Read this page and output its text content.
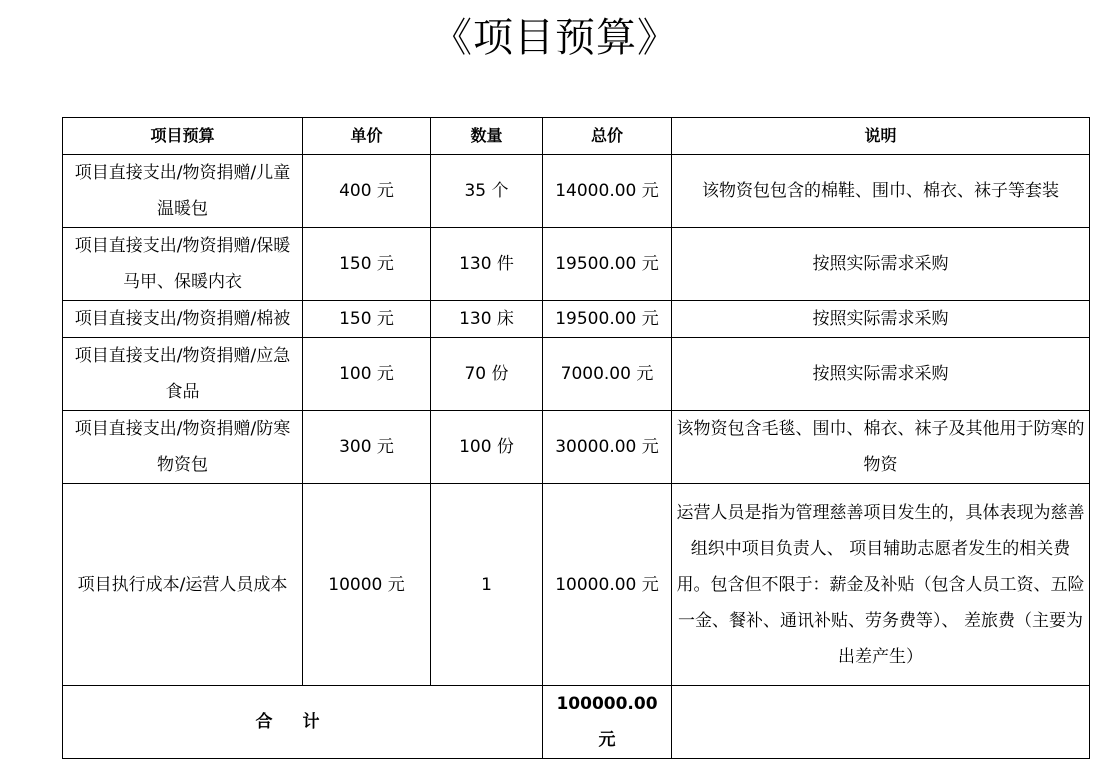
《项目预算》
项目预算	单价	数量	总价	说明
项目直接支出/物资捐赠/儿童温暖包	400 元	35 个	14000.00 元	该物资包包含的棉鞋、围巾、棉衣、袜子等套装
项目直接支出/物资捐赠/保暖马甲、保暖内衣	150 元	130 件	19500.00 元	按照实际需求采购
项目直接支出/物资捐赠/棉被	150 元	130 床	19500.00 元	按照实际需求采购
项目直接支出/物资捐赠/应急食品	100 元	70 份	7000.00 元	按照实际需求采购
项目直接支出/物资捐赠/防寒物资包	300 元	100 份	30000.00 元	该物资包含毛毯、围巾、棉衣、袜子及其他用于防寒的物资
项目执行成本/运营人员成本	10000 元	1	10000.00 元	运营人员是指为管理慈善项目发生的，具体表现为慈善组织中项目负责人、 项目辅助志愿者发生的相关费用。包含但不限于：薪金及补贴（包含人员工资、五险一金、餐补、通讯补贴、劳务费等）、 差旅费（主要为出差产生）
合计			100000.00 元	
